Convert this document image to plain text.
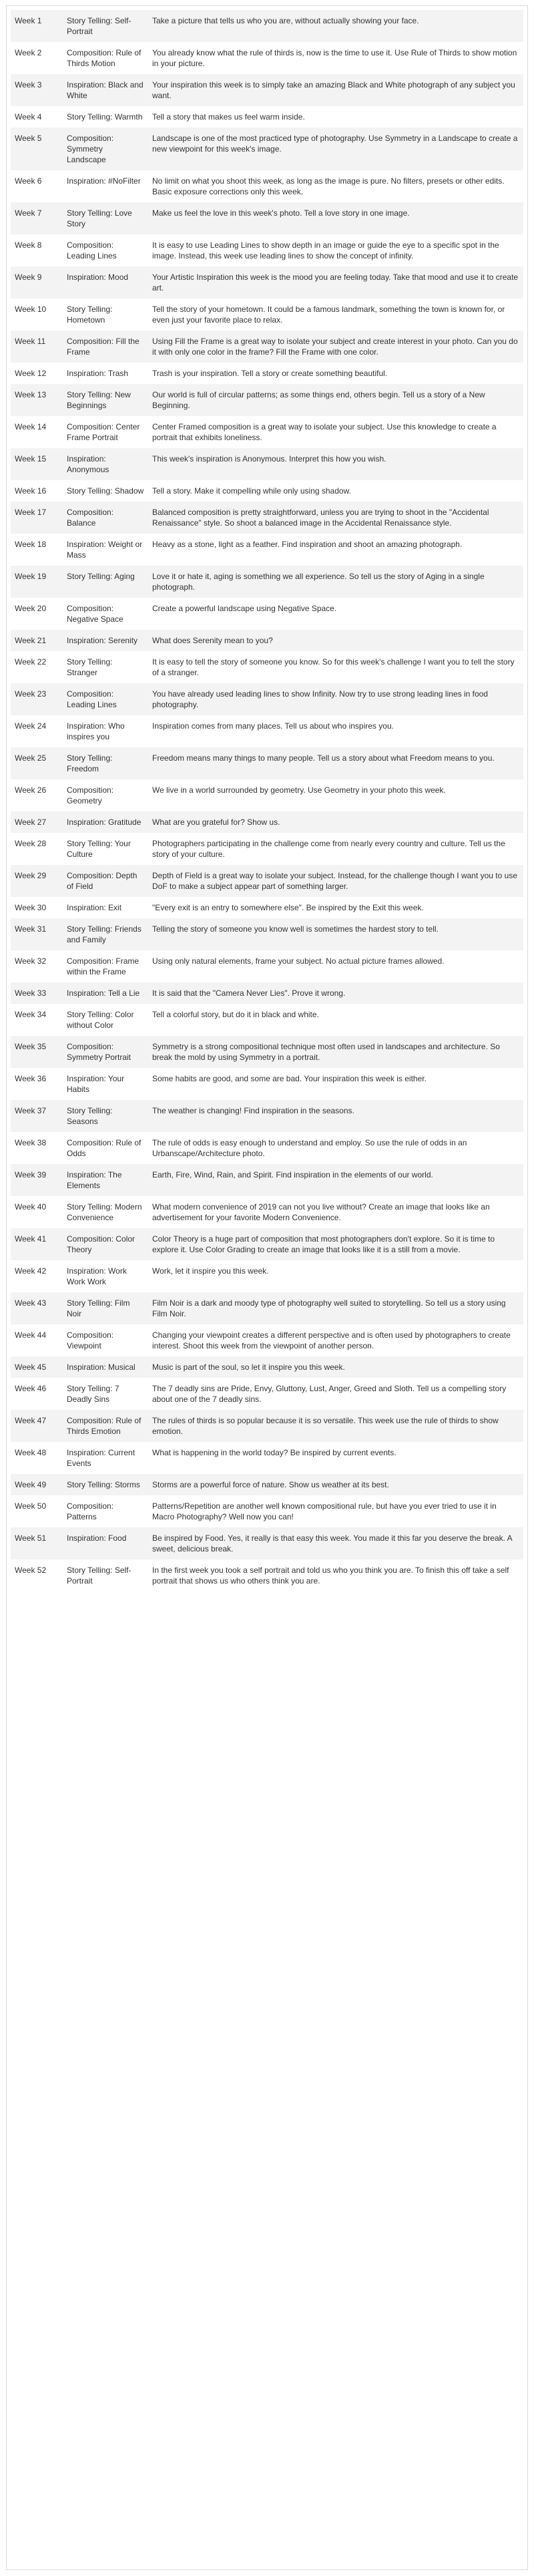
Week 1	Story Telling: Self-Portrait	Take a picture that tells us who you are, without actually showing your face.
Week 2	Composition: Rule of Thirds Motion	You already know what the rule of thirds is, now is the time to use it. Use Rule of Thirds to show motion in your picture.
Week 3	Inspiration: Black and White	Your inspiration this week is to simply take an amazing Black and White photograph of any subject you want.
Week 4	Story Telling: Warmth	Tell a story that makes us feel warm inside.
Week 5	Composition: Symmetry Landscape	Landscape is one of the most practiced type of photography. Use Symmetry in a Landscape to create a new viewpoint for this week's image.
Week 6	Inspiration: #NoFilter	No limit on what you shoot this week, as long as the image is pure. No filters, presets or other edits. Basic exposure corrections only this week.
Week 7	Story Telling: Love Story	Make us feel the love in this week's photo. Tell a love story in one image.
Week 8	Composition: Leading Lines	It is easy to use Leading Lines to show depth in an image or guide the eye to a specific spot in the image. Instead, this week use leading lines to show the concept of infinity.
Week 9	Inspiration: Mood	Your Artistic Inspiration this week is the mood you are feeling today. Take that mood and use it to create art.
Week 10	Story Telling: Hometown	Tell the story of your hometown. It could be a famous landmark, something the town is known for, or even just your favorite place to relax.
Week 11	Composition: Fill the Frame	Using Fill the Frame is a great way to isolate your subject and create interest in your photo. Can you do it with only one color in the frame? Fill the Frame with one color.
Week 12	Inspiration: Trash	Trash is your inspiration. Tell a story or create something beautiful.
Week 13	Story Telling: New Beginnings	Our world is full of circular patterns; as some things end, others begin. Tell us a story of a New Beginning.
Week 14	Composition: Center Frame Portrait	Center Framed composition is a great way to isolate your subject. Use this knowledge to create a portrait that exhibits loneliness.
Week 15	Inspiration: Anonymous	This week's inspiration is Anonymous. Interpret this how you wish.
Week 16	Story Telling: Shadow	Tell a story. Make it compelling while only using shadow.
Week 17	Composition: Balance	Balanced composition is pretty straightforward, unless you are trying to shoot in the "Accidental Renaissance" style. So shoot a balanced image in the Accidental Renaissance style.
Week 18	Inspiration: Weight or Mass	Heavy as a stone, light as a feather. Find inspiration and shoot an amazing photograph.
Week 19	Story Telling: Aging	Love it or hate it, aging is something we all experience. So tell us the story of Aging in a single photograph.
Week 20	Composition: Negative Space	Create a powerful landscape using Negative Space.
Week 21	Inspiration: Serenity	What does Serenity mean to you?
Week 22	Story Telling: Stranger	It is easy to tell the story of someone you know. So for this week's challenge I want you to tell the story of a stranger.
Week 23	Composition: Leading Lines	You have already used leading lines to show Infinity. Now try to use strong leading lines in food photography.
Week 24	Inspiration: Who inspires you	Inspiration comes from many places. Tell us about who inspires you.
Week 25	Story Telling: Freedom	Freedom means many things to many people. Tell us a story about what Freedom means to you.
Week 26	Composition: Geometry	We live in a world surrounded by geometry. Use Geometry in your photo this week.
Week 27	Inspiration: Gratitude	What are you grateful for? Show us.
Week 28	Story Telling: Your Culture	Photographers participating in the challenge come from nearly every country and culture. Tell us the story of your culture.
Week 29	Composition: Depth of Field	Depth of Field is a great way to isolate your subject. Instead, for the challenge though I want you to use DoF to make a subject appear part of something larger.
Week 30	Inspiration: Exit	"Every exit is an entry to somewhere else". Be inspired by the Exit this week.
Week 31	Story Telling: Friends and Family	Telling the story of someone you know well is sometimes the hardest story to tell.
Week 32	Composition: Frame within the Frame	Using only natural elements, frame your subject. No actual picture frames allowed.
Week 33	Inspiration: Tell a Lie	It is said that the "Camera Never Lies". Prove it wrong.
Week 34	Story Telling: Color without Color	Tell a colorful story, but do it in black and white.
Week 35	Composition: Symmetry Portrait	Symmetry is a strong compositional technique most often used in landscapes and architecture. So break the mold by using Symmetry in a portrait.
Week 36	Inspiration: Your Habits	Some habits are good, and some are bad. Your inspiration this week is either.
Week 37	Story Telling: Seasons	The weather is changing! Find inspiration in the seasons.
Week 38	Composition: Rule of Odds	The rule of odds is easy enough to understand and employ. So use the rule of odds in an Urbanscape/Architecture photo.
Week 39	Inspiration: The Elements	Earth, Fire, Wind, Rain, and Spirit. Find inspiration in the elements of our world.
Week 40	Story Telling: Modern Convenience	What modern convenience of 2019 can not you live without? Create an image that looks like an advertisement for your favorite Modern Convenience.
Week 41	Composition: Color Theory	Color Theory is a huge part of composition that most photographers don't explore. So it is time to explore it. Use Color Grading to create an image that looks like it is a still from a movie.
Week 42	Inspiration: Work Work Work	Work, let it inspire you this week.
Week 43	Story Telling: Film Noir	Film Noir is a dark and moody type of photography well suited to storytelling. So tell us a story using Film Noir.
Week 44	Composition: Viewpoint	Changing your viewpoint creates a different perspective and is often used by photographers to create interest. Shoot this week from the viewpoint of another person.
Week 45	Inspiration: Musical	Music is part of the soul, so let it inspire you this week.
Week 46	Story Telling: 7 Deadly Sins	The 7 deadly sins are Pride, Envy, Gluttony, Lust, Anger, Greed and Sloth. Tell us a compelling story about one of the 7 deadly sins.
Week 47	Composition: Rule of Thirds Emotion	The rules of thirds is so popular because it is so versatile. This week use the rule of thirds to show emotion.
Week 48	Inspiration: Current Events	What is happening in the world today? Be inspired by current events.
Week 49	Story Telling: Storms	Storms are a powerful force of nature. Show us weather at its best.
Week 50	Composition: Patterns	Patterns/Repetition are another well known compositional rule, but have you ever tried to use it in Macro Photography? Well now you can!
Week 51	Inspiration: Food	Be inspired by Food. Yes, it really is that easy this week. You made it this far you deserve the break. A sweet, delicious break.
Week 52	Story Telling: Self-Portrait	In the first week you took a self portrait and told us who you think you are. To finish this off take a self portrait that shows us who others think you are.
